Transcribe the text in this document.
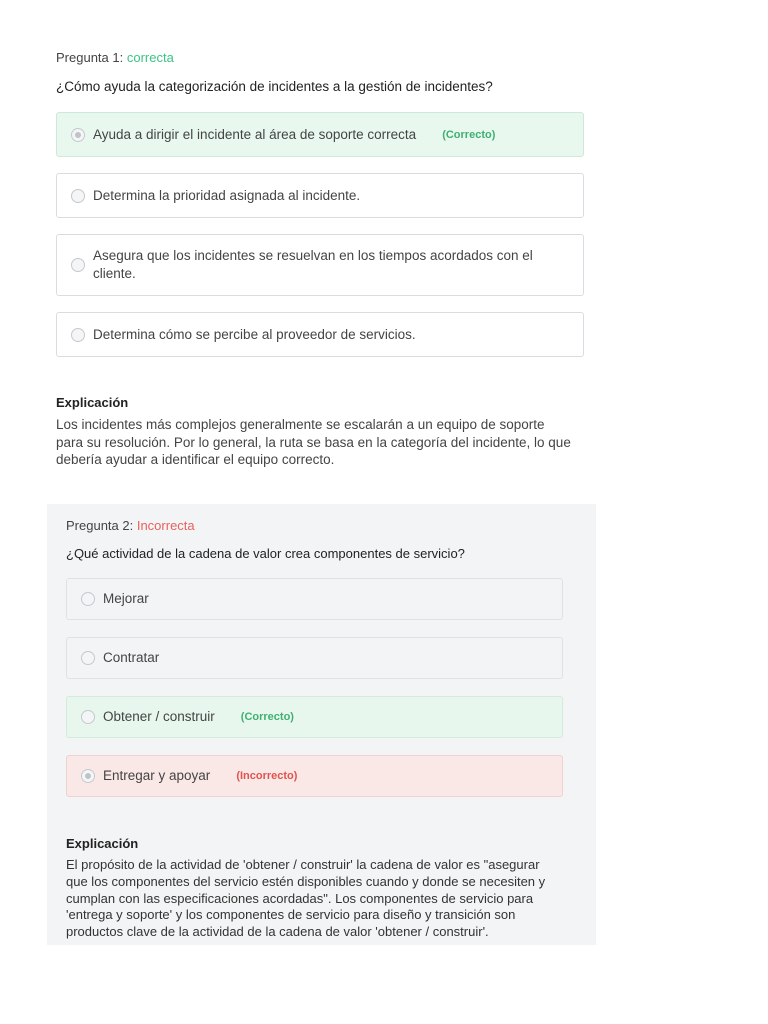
Pregunta 1: correcta

¿Cómo ayuda la categorización de incidentes a la gestión de incidentes?

Ayuda a dirigir el incidente al área de soporte correcta (Correcto)
Determina la prioridad asignada al incidente.
Asegura que los incidentes se resuelvan en los tiempos acordados con el cliente.
Determina cómo se percibe al proveedor de servicios.

Explicación

Los incidentes más complejos generalmente se escalarán a un equipo de soporte para su resolución. Por lo general, la ruta se basa en la categoría del incidente, lo que debería ayudar a identificar el equipo correcto.

Pregunta 2: Incorrecta

¿Qué actividad de la cadena de valor crea componentes de servicio?

Mejorar
Contratar
Obtener / construir (Correcto)
Entregar y apoyar (Incorrecto)

Explicación

El propósito de la actividad de 'obtener / construir' la cadena de valor es "asegurar que los componentes del servicio estén disponibles cuando y donde se necesiten y cumplan con las especificaciones acordadas". Los componentes de servicio para 'entrega y soporte' y los componentes de servicio para diseño y transición son productos clave de la actividad de la cadena de valor 'obtener / construir'.
